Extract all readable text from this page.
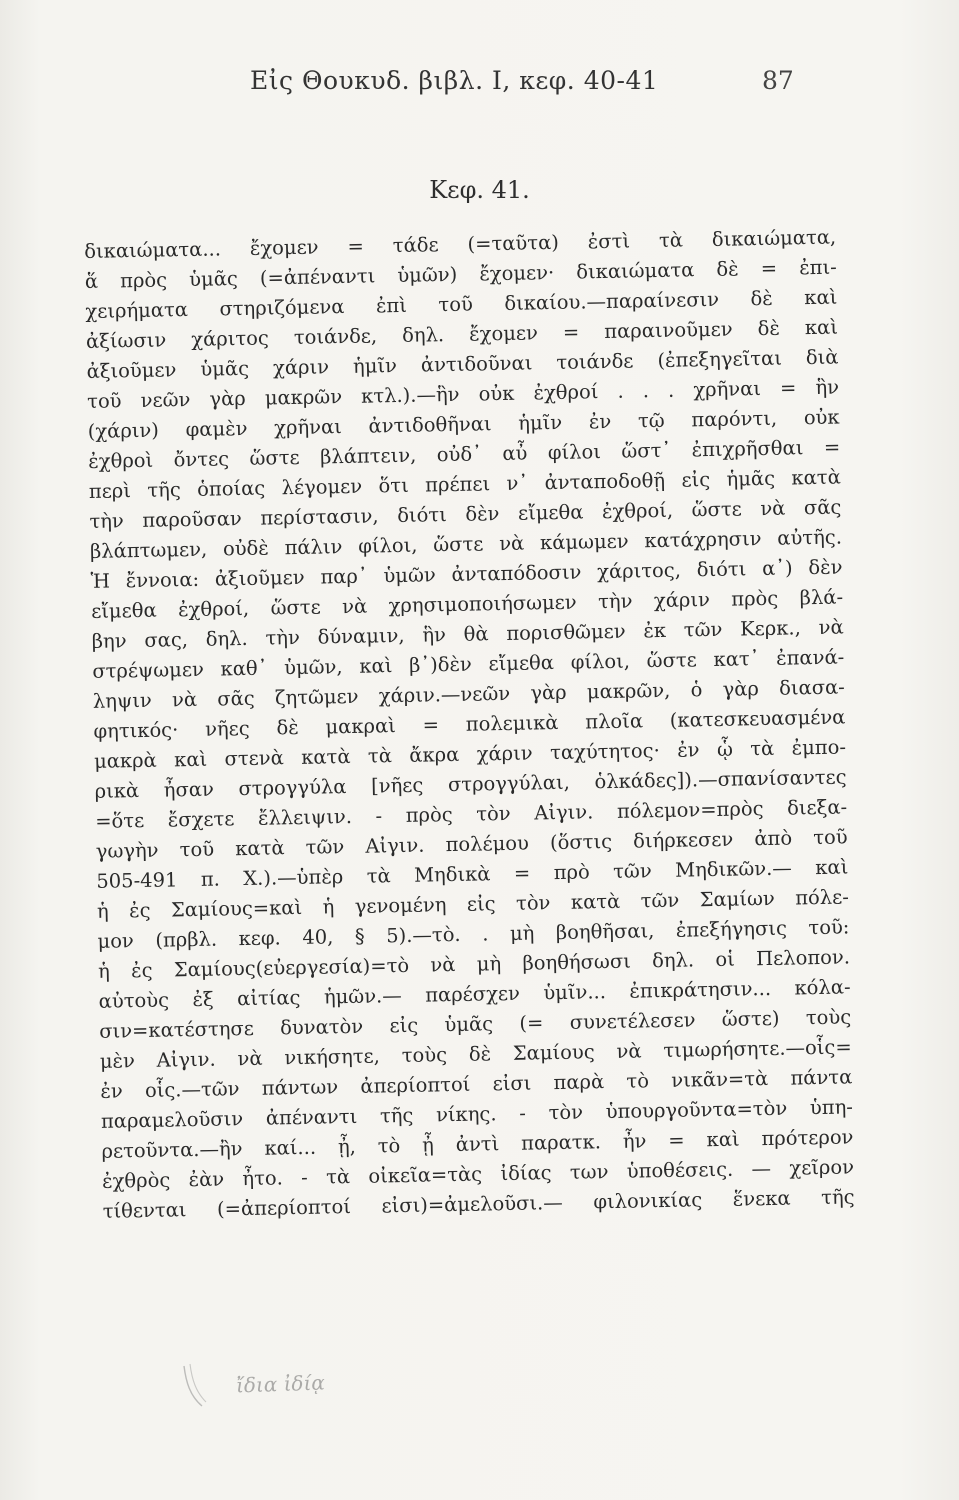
Εἰς Θουκυδ. βιβλ. I, κεφ. 40-41	87
Κεφ. 41.
δικαιώματα... ἔχομεν = τάδε (=ταῦτα) ἐστὶ τὰ δικαιώματα,
ἅ πρὸς ὑμᾶς (=ἀπέναντι ὑμῶν) ἔχομεν· δικαιώματα δὲ = ἐπι-
χειρήματα στηριζόμενα ἐπὶ τοῦ δικαίου.—παραίνεσιν δὲ καὶ
ἀξίωσιν χάριτος τοιάνδε, δηλ. ἔχομεν = παραινοῦμεν δὲ καὶ
ἀξιοῦμεν ὑμᾶς χάριν ἡμῖν ἀντιδοῦναι τοιάνδε (ἐπεξηγεῖται διὰ
τοῦ νεῶν γὰρ μακρῶν κτλ.).—ἣν οὐκ ἐχθροί . . . χρῆναι = ἣν
(χάριν) φαμὲν χρῆναι ἀντιδοθῆναι ἡμῖν ἐν τῷ παρόντι, οὐκ
ἐχθροὶ ὄντες ὥστε βλάπτειν, οὐδ᾽ αὖ φίλοι ὥστ᾽ ἐπιχρῆσθαι =
περὶ τῆς ὁποίας λέγομεν ὅτι πρέπει ν᾽ ἀνταποδοθῇ εἰς ἡμᾶς κατὰ
τὴν παροῦσαν περίστασιν, διότι δὲν εἴμεθα ἐχθροί, ὥστε νὰ σᾶς
βλάπτωμεν, οὐδὲ πάλιν φίλοι, ὥστε νὰ κάμωμεν κατάχρησιν αὐτῆς.
Ἡ ἔννοια: ἀξιοῦμεν παρ᾽ ὑμῶν ἀνταπόδοσιν χάριτος, διότι α᾽) δὲν
εἴμεθα ἐχθροί, ὥστε νὰ χρησιμοποιήσωμεν τὴν χάριν πρὸς βλά-
βην σας, δηλ. τὴν δύναμιν, ἣν θὰ πορισθῶμεν ἐκ τῶν Κερκ., νὰ
στρέψωμεν καθ᾽ ὑμῶν, καὶ β᾽)δὲν εἴμεθα φίλοι, ὥστε κατ᾽ ἐπανά-
ληψιν νὰ σᾶς ζητῶμεν χάριν.—νεῶν γὰρ μακρῶν, ὁ γὰρ διασα-
φητικός· νῆες δὲ μακραὶ = πολεμικὰ πλοῖα (κατεσκευασμένα
μακρὰ καὶ στενὰ κατὰ τὰ ἄκρα χάριν ταχύτητος· ἐν ᾧ τὰ ἐμπο-
ρικὰ ἦσαν στρογγύλα [νῆες στρογγύλαι, ὁλκάδες]).—σπανίσαντες
=ὅτε ἔσχετε ἔλλειψιν. - πρὸς τὸν Αἰγιν. πόλεμον=πρὸς διεξα-
γωγὴν τοῦ κατὰ τῶν Αἰγιν. πολέμου (ὅστις διήρκεσεν ἀπὸ τοῦ
505-491 π. Χ.).—ὑπὲρ τὰ Μηδικὰ = πρὸ τῶν Μηδικῶν.— καὶ
ἡ ἐς Σαμίους=καὶ ἡ γενομένη εἰς τὸν κατὰ τῶν Σαμίων πόλε-
μον (πρβλ. κεφ. 40, § 5).—τὸ. . μὴ βοηθῆσαι, ἐπεξήγησις τοῦ:
ἡ ἐς Σαμίους(εὐεργεσία)=τὸ νὰ μὴ βοηθήσωσι δηλ. οἱ Πελοπον.
αὐτοὺς ἐξ αἰτίας ἡμῶν.— παρέσχεν ὑμῖν... ἐπικράτησιν... κόλα-
σιν=κατέστησε δυνατὸν εἰς ὑμᾶς (= συνετέλεσεν ὥστε) τοὺς
μὲν Αἰγιν. νὰ νικήσητε, τοὺς δὲ Σαμίους νὰ τιμωρήσητε.—οἷς=
ἐν οἷς.—τῶν πάντων ἀπερίοπτοί εἰσι παρὰ τὸ νικᾶν=τὰ πάντα
παραμελοῦσιν ἀπέναντι τῆς νίκης. - τὸν ὑπουργοῦντα=τὸν ὑπη-
ρετοῦντα.—ἢν καί... ᾖ, τὸ ᾖ ἀντὶ παρατκ. ἦν = καὶ πρότερον
ἐχθρὸς ἐὰν ἦτο. - τὰ οἰκεῖα=τὰς ἰδίας των ὑποθέσεις. — χεῖρον
τίθενται (=ἀπερίοπτοί εἰσι)=ἀμελοῦσι.— φιλονικίας ἕνεκα τῆς
ἴδια ἰδίᾳ
